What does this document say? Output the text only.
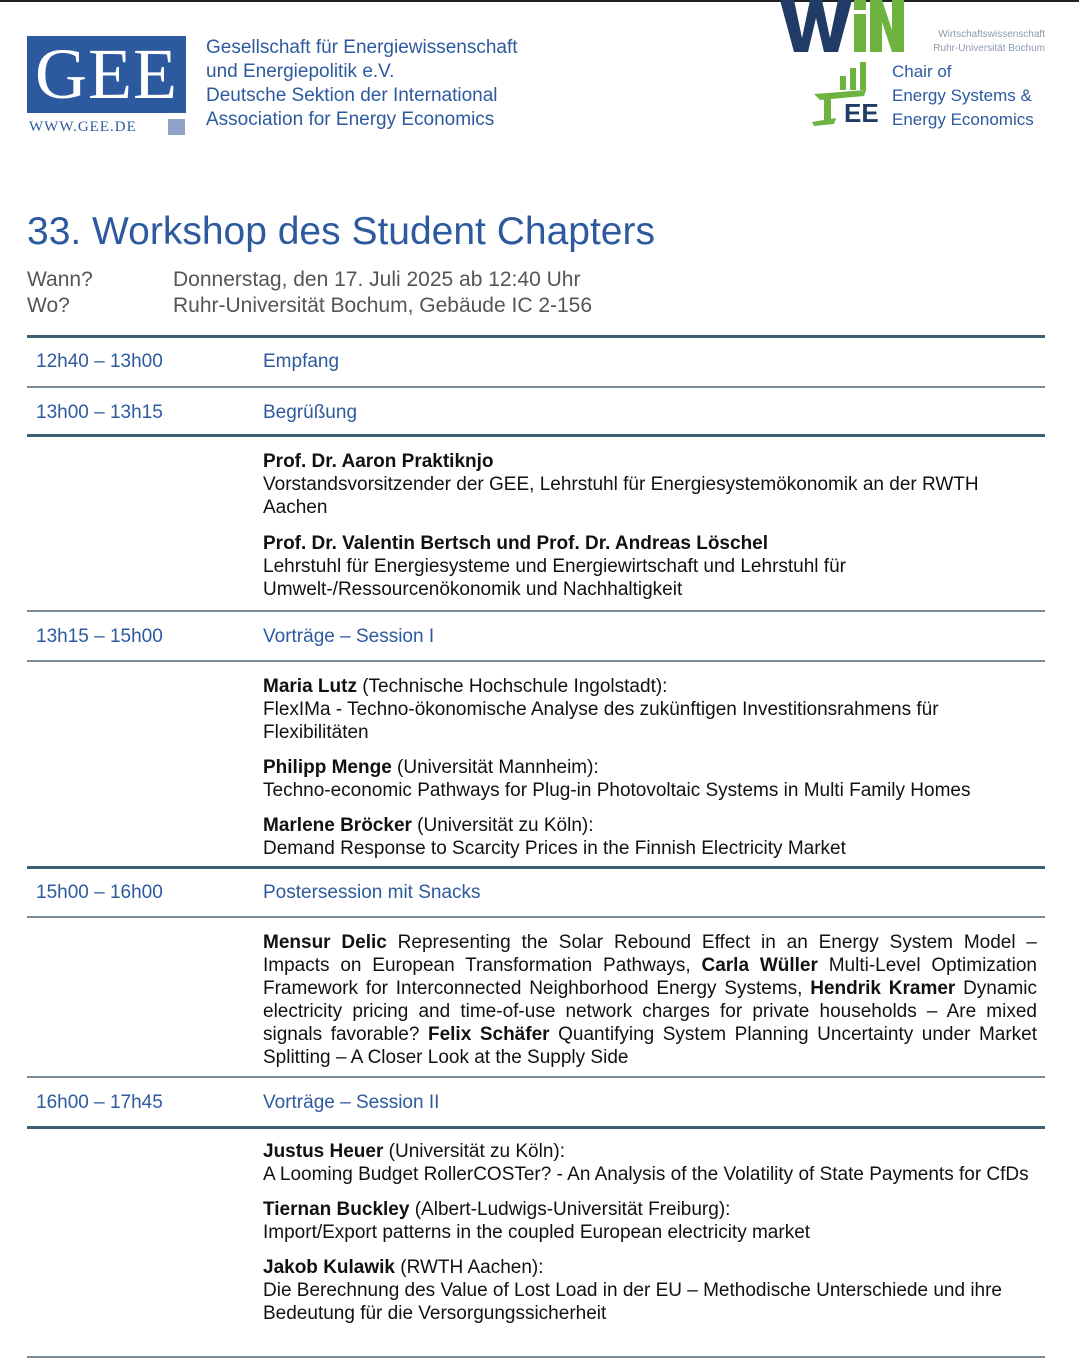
GEE
WWW.GEE.DE
Gesellschaft für Energiewissenschaft
und Energiepolitik e.V.
Deutsche Sektion der International
Association for Energy Economics
Wirtschaftswissenschaft
Ruhr-Universität Bochum
EE
Chair of
Energy Systems &
Energy Economics
33. Workshop des Student Chapters
Wann?	Donnerstag, den 17. Juli 2025 ab 12:40 Uhr
Wo?	Ruhr-Universität Bochum, Gebäude IC 2-156
12h40 – 13h00	Empfang
13h00 – 13h15	Begrüßung

Prof. Dr. Aaron Praktiknjo

Vorstandsvorsitzender der GEE, Lehrstuhl für Energiesystemökonomik an der RWTH Aachen

Prof. Dr. Valentin Bertsch und Prof. Dr. Andreas Löschel

Lehrstuhl für Energiesysteme und Energiewirtschaft und Lehrstuhl für Umwelt-/Ressourcenökonomik und Nachhaltigkeit

13h15 – 15h00	Vorträge – Session I

Maria Lutz (Technische Hochschule Ingolstadt):

FlexIMa - Techno-ökonomische Analyse des zukünftigen Investitionsrahmens für Flexibilitäten

Philipp Menge (Universität Mannheim):

Techno-economic Pathways for Plug-in Photovoltaic Systems in Multi Family Homes

Marlene Bröcker (Universität zu Köln):

Demand Response to Scarcity Prices in the Finnish Electricity Market

15h00 – 16h00	Postersession mit Snacks

Mensur Delic Representing the Solar Rebound Effect in an Energy System Model – Impacts on European Transformation Pathways, Carla Wüller Multi-Level Optimization Framework for Interconnected Neighborhood Energy Systems, Hendrik Kramer Dynamic electricity pricing and time-of-use network charges for private households – Are mixed signals favorable? Felix Schäfer Quantifying System Planning Uncertainty under Market Splitting – A Closer Look at the Supply Side

16h00 – 17h45	Vorträge – Session II

Justus Heuer (Universität zu Köln):

A Looming Budget RollerCOSTer? - An Analysis of the Volatility of State Payments for CfDs

Tiernan Buckley (Albert-Ludwigs-Universität Freiburg):

Import/Export patterns in the coupled European electricity market

Jakob Kulawik (RWTH Aachen):

Die Berechnung des Value of Lost Load in der EU – Methodische Unterschiede und ihre Bedeutung für die Versorgungssicherheit
